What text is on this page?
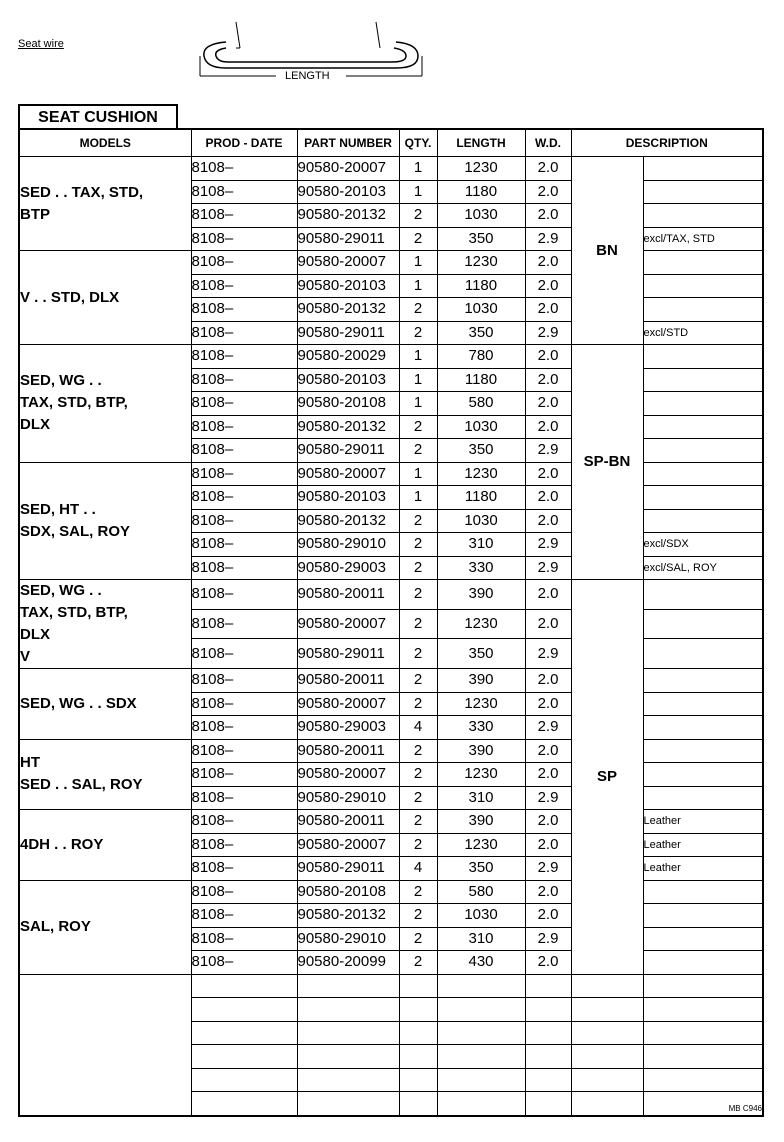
Seat wire
LENGTH
SEAT CUSHION
MODELS	PROD - DATE	PART NUMBER	QTY.	LENGTH	W.D.	DESCRIPTION	
SED . . TAX, STD,
BTP	8108–	90580-20007	1	1230	2.0	BN	
	8108–	90580-20103	1	1180	2.0		
	8108–	90580-20132	2	1030	2.0		
	8108–	90580-29011	2	350	2.9		excl/TAX, STD
V . . STD, DLX	8108–	90580-20007	1	1230	2.0		
	8108–	90580-20103	1	1180	2.0		
	8108–	90580-20132	2	1030	2.0		
	8108–	90580-29011	2	350	2.9		excl/STD
SED, WG . .
TAX, STD, BTP,
DLX	8108–	90580-20029	1	780	2.0	SP-BN	
	8108–	90580-20103	1	1180	2.0		
	8108–	90580-20108	1	580	2.0		
	8108–	90580-20132	2	1030	2.0		
	8108–	90580-29011	2	350	2.9		
SED, HT . .
SDX, SAL, ROY	8108–	90580-20007	1	1230	2.0		
	8108–	90580-20103	1	1180	2.0		
	8108–	90580-20132	2	1030	2.0		
	8108–	90580-29010	2	310	2.9		excl/SDX
	8108–	90580-29003	2	330	2.9		excl/SAL, ROY
SED, WG . .
TAX, STD, BTP,
DLX
V	8108–	90580-20011	2	390	2.0	SP	
	8108–	90580-20007	2	1230	2.0		
	8108–	90580-29011	2	350	2.9		
SED, WG . . SDX	8108–	90580-20011	2	390	2.0		
	8108–	90580-20007	2	1230	2.0		
	8108–	90580-29003	4	330	2.9		
HT
SED . . SAL, ROY	8108–	90580-20011	2	390	2.0		
	8108–	90580-20007	2	1230	2.0		
	8108–	90580-29010	2	310	2.9		
4DH . . ROY	8108–	90580-20011	2	390	2.0		Leather
	8108–	90580-20007	2	1230	2.0		Leather
	8108–	90580-29011	4	350	2.9		Leather
SAL, ROY	8108–	90580-20108	2	580	2.0		
	8108–	90580-20132	2	1030	2.0		
	8108–	90580-29010	2	310	2.9		
	8108–	90580-20099	2	430	2.0		

MB C946
